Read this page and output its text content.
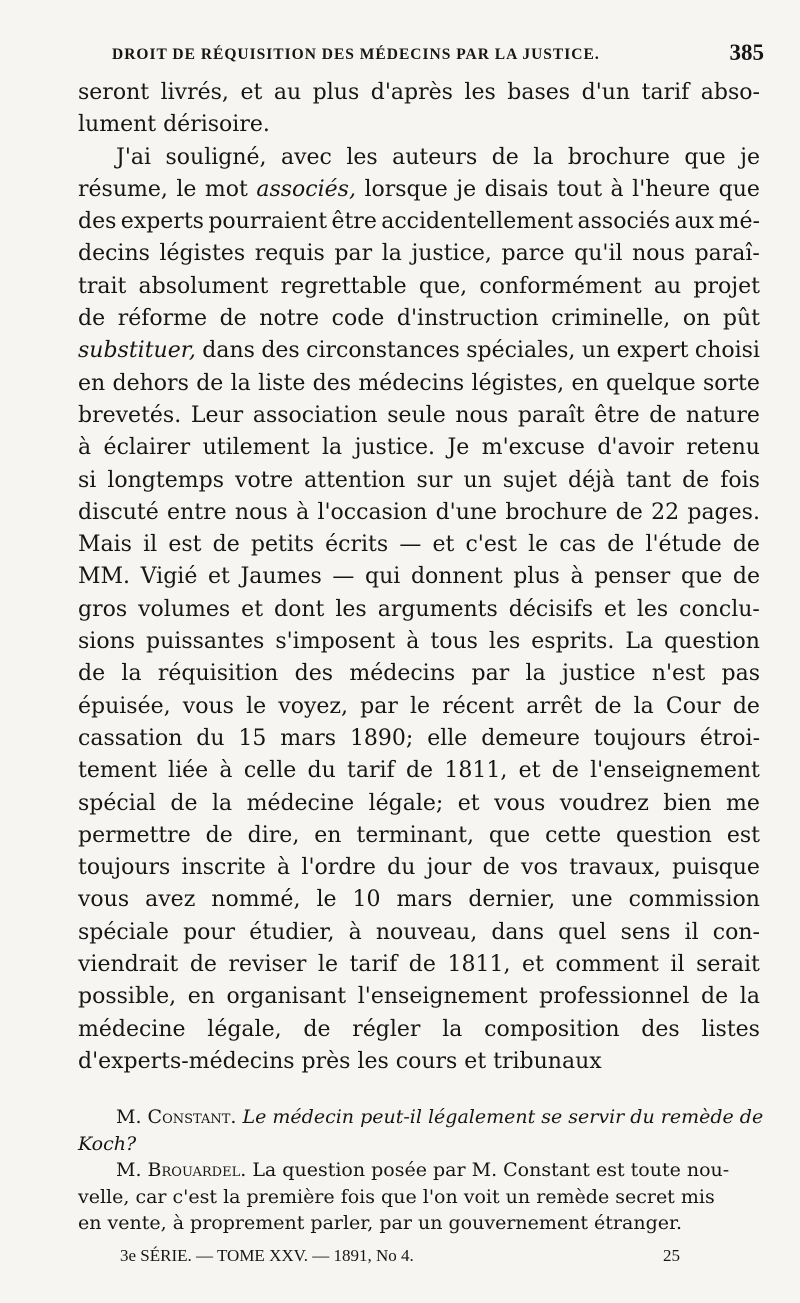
DROIT DE RÉQUISITION DES MÉDECINS PAR LA JUSTICE.	385
seront livrés, et au plus d'après les bases d'un tarif abso-
lument dérisoire.
J'ai souligné, avec les auteurs de la brochure que je
résume, le mot associés, lorsque je disais tout à l'heure que
des experts pourraient être accidentellement associés aux mé-
decins légistes requis par la justice, parce qu'il nous paraî-
trait absolument regrettable que, conformément au projet
de réforme de notre code d'instruction criminelle, on pût
substituer, dans des circonstances spéciales, un expert choisi
en dehors de la liste des médecins légistes, en quelque sorte
brevetés. Leur association seule nous paraît être de nature
à éclairer utilement la justice. Je m'excuse d'avoir retenu
si longtemps votre attention sur un sujet déjà tant de fois
discuté entre nous à l'occasion d'une brochure de 22 pages.
Mais il est de petits écrits — et c'est le cas de l'étude de
MM. Vigié et Jaumes — qui donnent plus à penser que de
gros volumes et dont les arguments décisifs et les conclu-
sions puissantes s'imposent à tous les esprits. La question
de la réquisition des médecins par la justice n'est pas
épuisée, vous le voyez, par le récent arrêt de la Cour de
cassation du 15 mars 1890; elle demeure toujours étroi-
tement liée à celle du tarif de 1811, et de l'enseignement
spécial de la médecine légale; et vous voudrez bien me
permettre de dire, en terminant, que cette question est
toujours inscrite à l'ordre du jour de vos travaux, puisque
vous avez nommé, le 10 mars dernier, une commission
spéciale pour étudier, à nouveau, dans quel sens il con-
viendrait de reviser le tarif de 1811, et comment il serait
possible, en organisant l'enseignement professionnel de la
médecine légale, de régler la composition des listes
d'experts-médecins près les cours et tribunaux
M. Constant. Le médecin peut-il légalement se servir du remède de
Koch?
M. Brouardel. La question posée par M. Constant est toute nou-
velle, car c'est la première fois que l'on voit un remède secret mis
en vente, à proprement parler, par un gouvernement étranger.
3e SÉRIE. — TOME XXV. — 1891, No 4.	25
